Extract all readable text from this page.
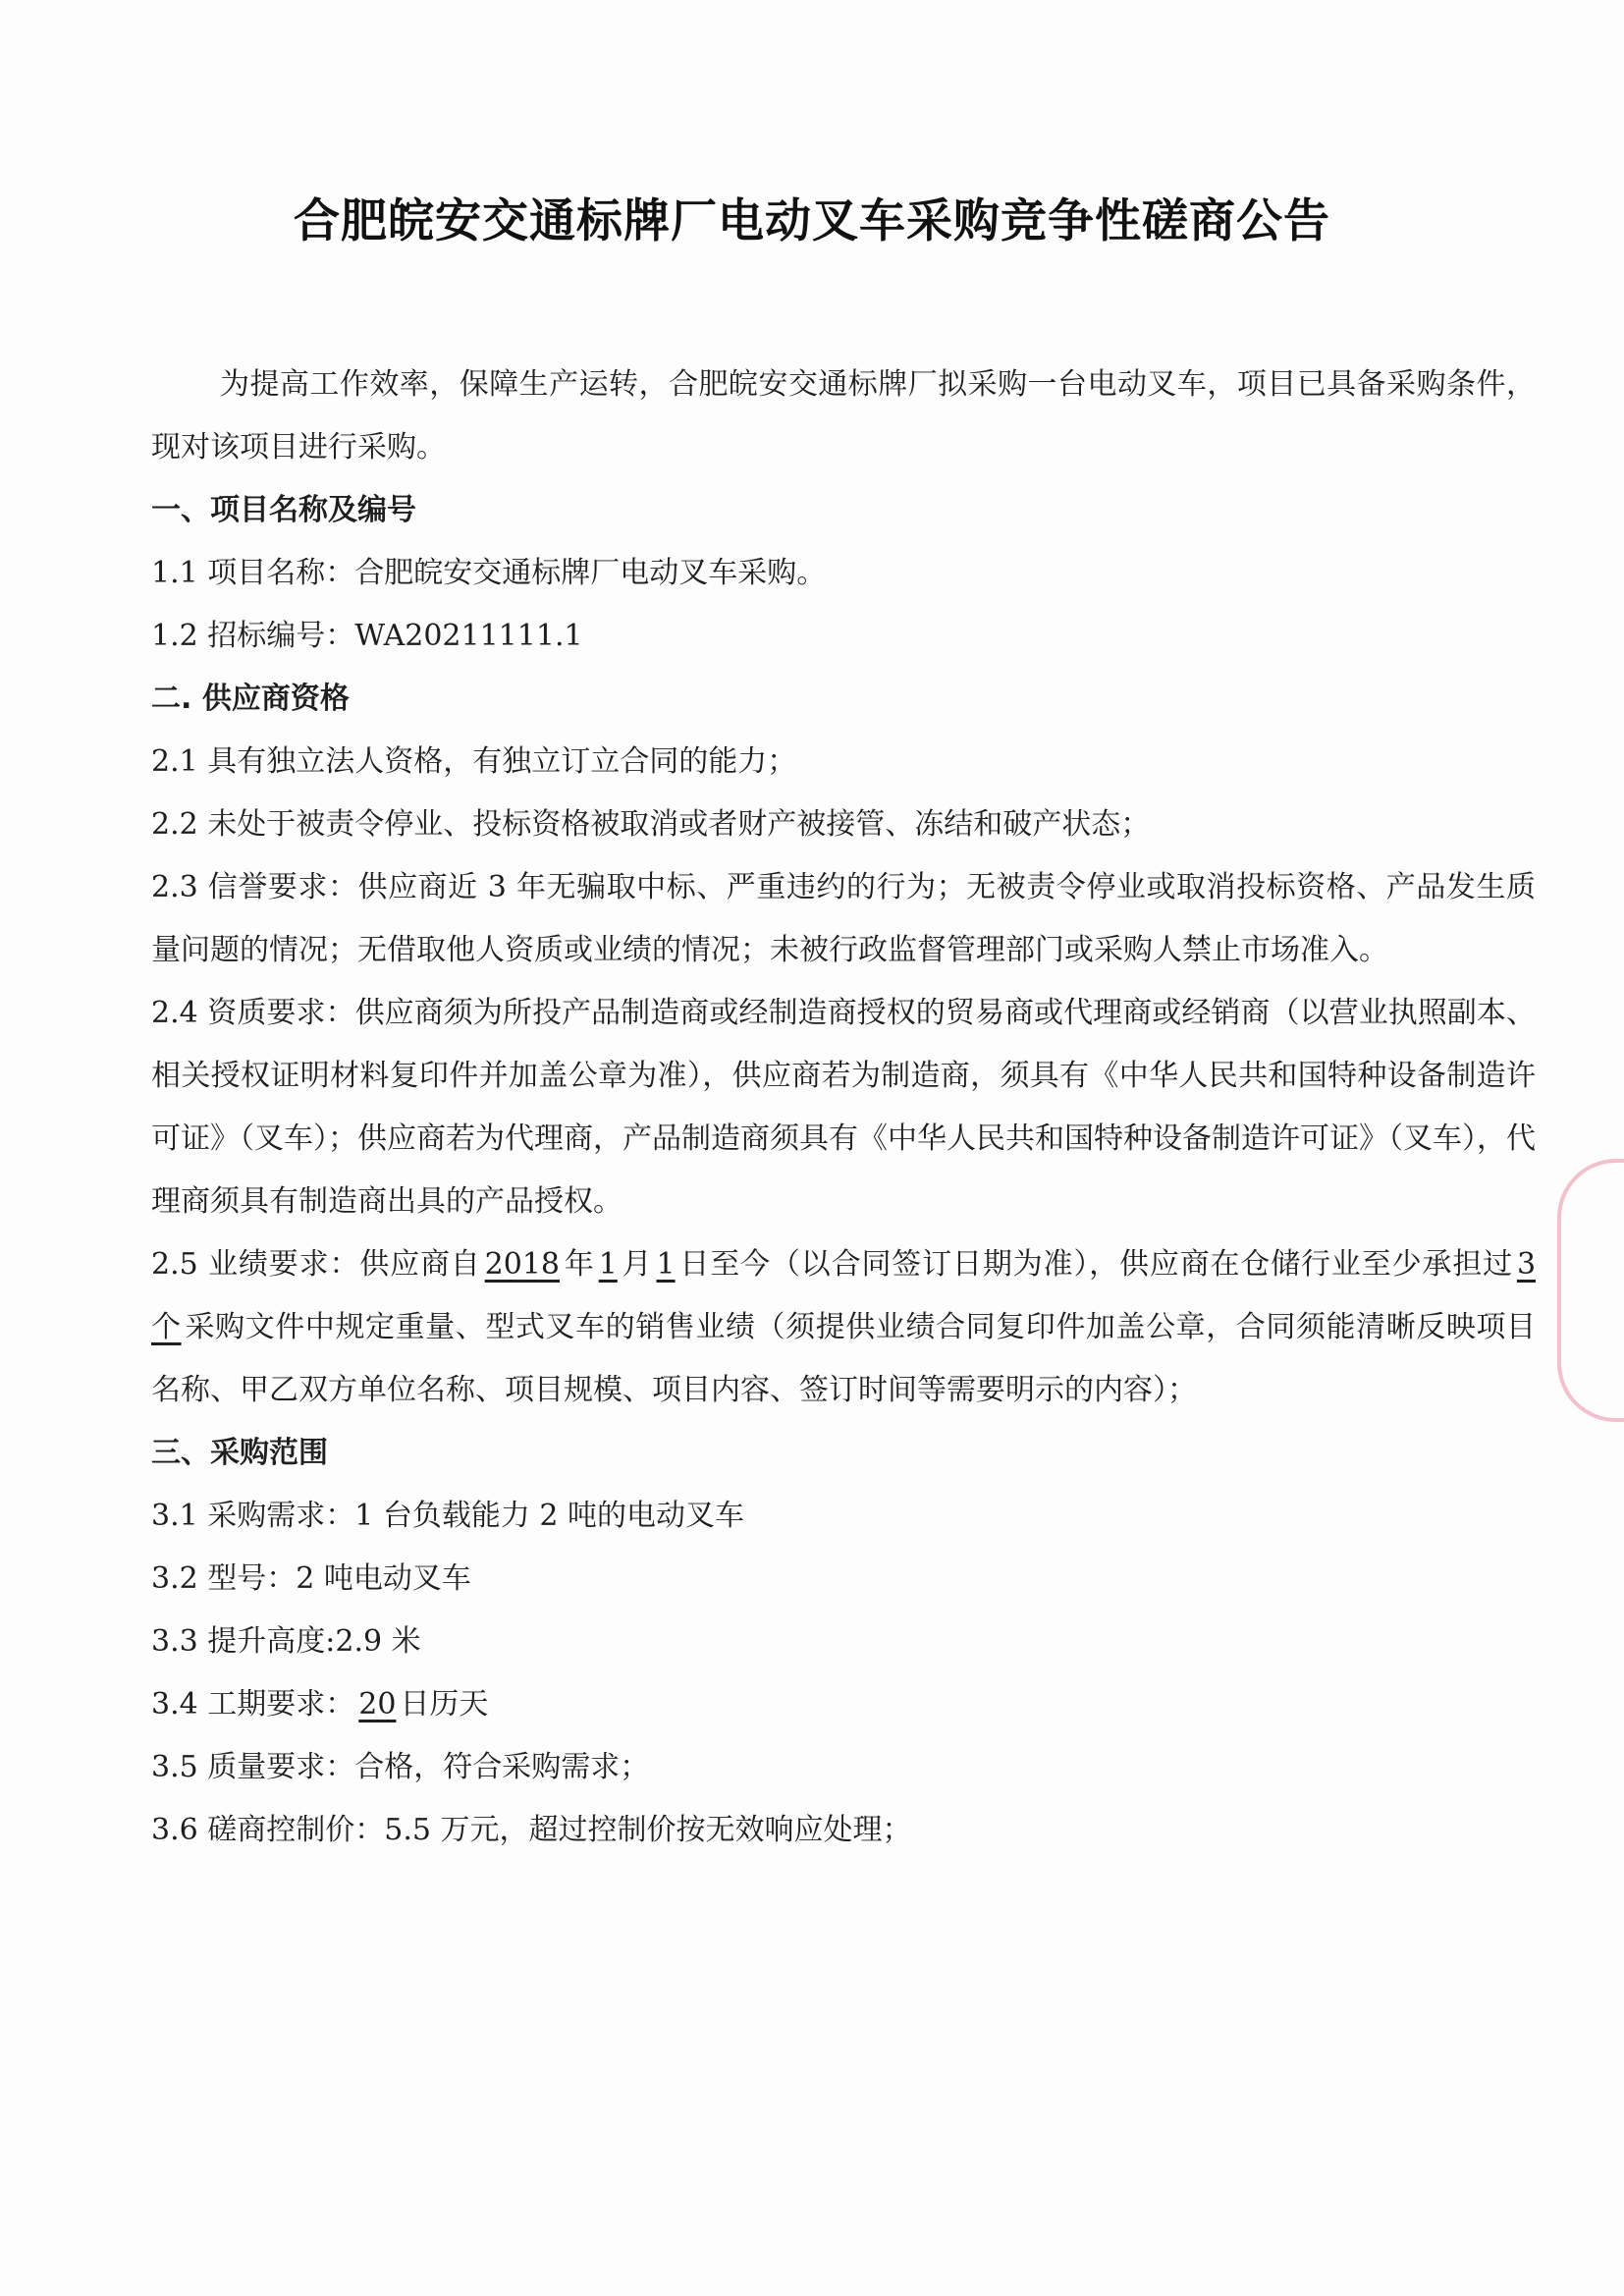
合肥皖安交通标牌厂电动叉车采购竞争性磋商公告

为提高工作效率，保障生产运转，合肥皖安交通标牌厂拟采购一台电动叉车，项目已具备采购条件，现对该项目进行采购。

一、项目名称及编号

1.1 项目名称：合肥皖安交通标牌厂电动叉车采购。

1.2 招标编号：WA20211111.1

二. 供应商资格

2.1 具有独立法人资格，有独立订立合同的能力；

2.2 未处于被责令停业、投标资格被取消或者财产被接管、冻结和破产状态；

2.3 信誉要求：供应商近 3 年无骗取中标、严重违约的行为；无被责令停业或取消投标资格、产品发生质量问题的情况；无借取他人资质或业绩的情况；未被行政监督管理部门或采购人禁止市场准入。

2.4 资质要求：供应商须为所投产品制造商或经制造商授权的贸易商或代理商或经销商（以营业执照副本、相关授权证明材料复印件并加盖公章为准），供应商若为制造商，须具有《中华人民共和国特种设备制造许可证》（叉车）；供应商若为代理商，产品制造商须具有《中华人民共和国特种设备制造许可证》（叉车），代理商须具有制造商出具的产品授权。

2.5 业绩要求：供应商自 2018 年 1 月 1 日至今（以合同签订日期为准），供应商在仓储行业至少承担过 3 个 采购文件中规定重量、型式叉车的销售业绩（须提供业绩合同复印件加盖公章，合同须能清晰反映项目名称、甲乙双方单位名称、项目规模、项目内容、签订时间等需要明示的内容）；

三、采购范围

3.1 采购需求：1 台负载能力 2 吨的电动叉车

3.2 型号：2 吨电动叉车

3.3 提升高度:2.9 米

3.4 工期要求： 20 日历天

3.5 质量要求：合格，符合采购需求；

3.6 磋商控制价：5.5 万元，超过控制价按无效响应处理；
